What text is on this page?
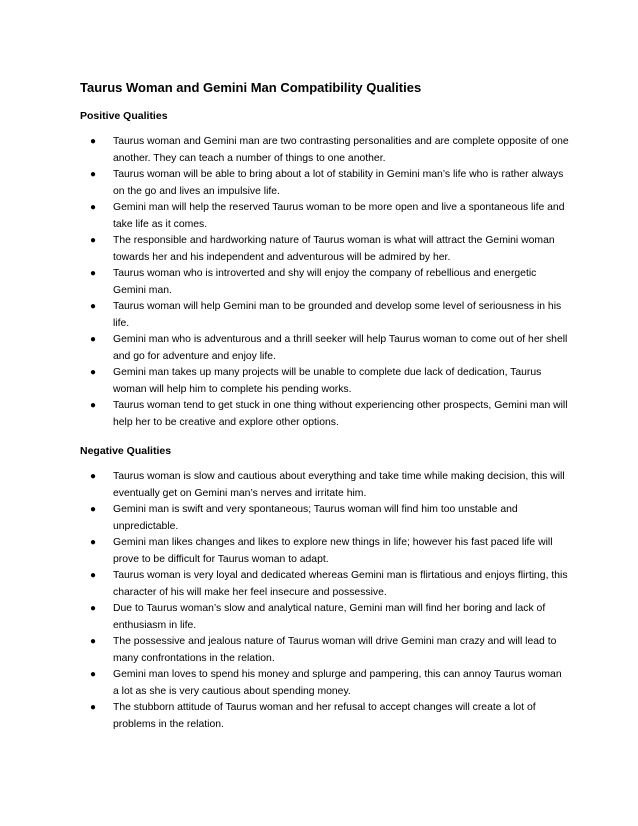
Taurus Woman and Gemini Man Compatibility Qualities
Positive Qualities
● Taurus woman and Gemini man are two contrasting personalities and are complete opposite of one another. They can teach a number of things to one another.
● Taurus woman will be able to bring about a lot of stability in Gemini man’s life who is rather always on the go and lives an impulsive life.
● Gemini man will help the reserved Taurus woman to be more open and live a spontaneous life and take life as it comes.
● The responsible and hardworking nature of Taurus woman is what will attract the Gemini woman towards her and his independent and adventurous will be admired by her.
● Taurus woman who is introverted and shy will enjoy the company of rebellious and energetic Gemini man.
● Taurus woman will help Gemini man to be grounded and develop some level of seriousness in his life.
● Gemini man who is adventurous and a thrill seeker will help Taurus woman to come out of her shell and go for adventure and enjoy life.
● Gemini man takes up many projects will be unable to complete due lack of dedication, Taurus woman will help him to complete his pending works.
● Taurus woman tend to get stuck in one thing without experiencing other prospects, Gemini man will help her to be creative and explore other options.
Negative Qualities
● Taurus woman is slow and cautious about everything and take time while making decision, this will eventually get on Gemini man’s nerves and irritate him.
● Gemini man is swift and very spontaneous; Taurus woman will find him too unstable and unpredictable.
● Gemini man likes changes and likes to explore new things in life; however his fast paced life will prove to be difficult for Taurus woman to adapt.
● Taurus woman is very loyal and dedicated whereas Gemini man is flirtatious and enjoys flirting, this character of his will make her feel insecure and possessive.
● Due to Taurus woman’s slow and analytical nature, Gemini man will find her boring and lack of enthusiasm in life.
● The possessive and jealous nature of Taurus woman will drive Gemini man crazy and will lead to many confrontations in the relation.
● Gemini man loves to spend his money and splurge and pampering, this can annoy Taurus woman a lot as she is very cautious about spending money.
● The stubborn attitude of Taurus woman and her refusal to accept changes will create a lot of problems in the relation.
